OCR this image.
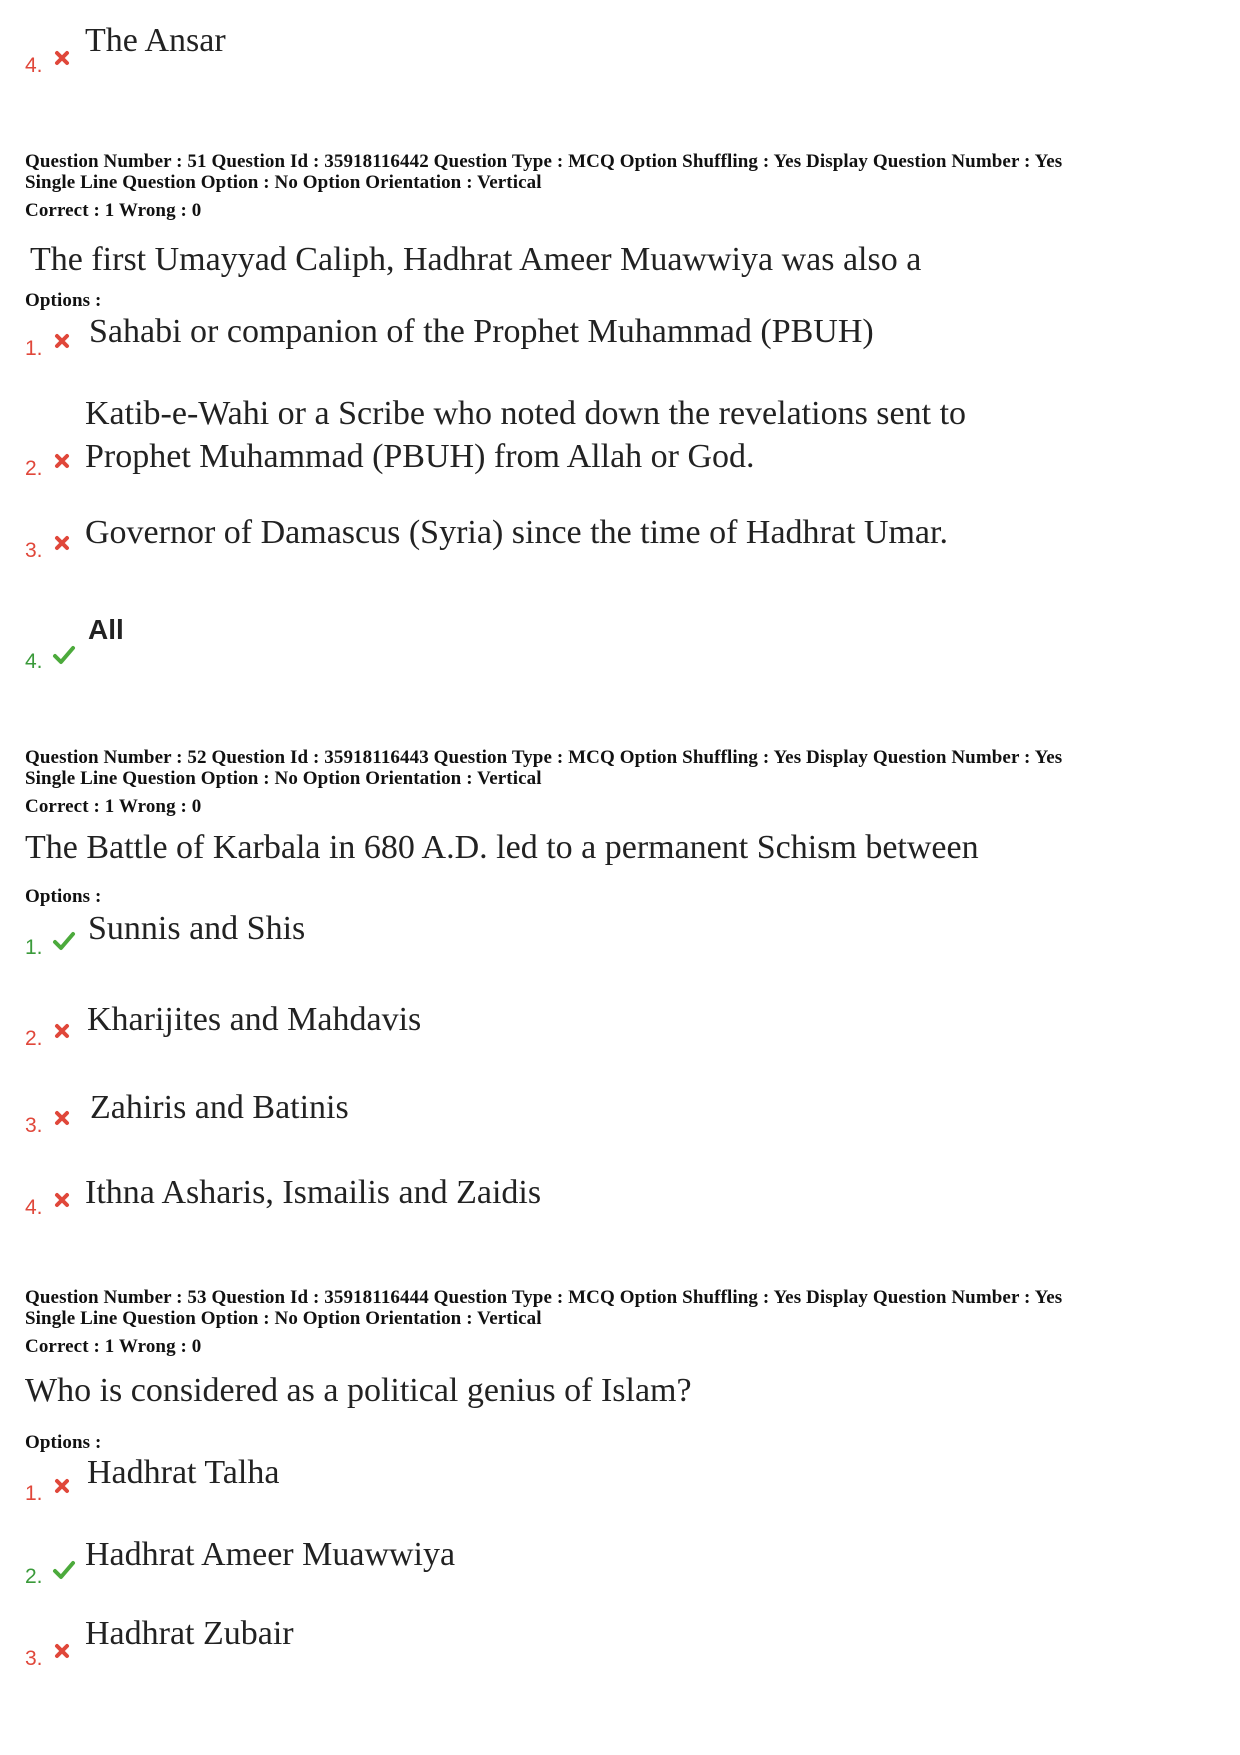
4.
The Ansar
Question Number : 51 Question Id : 35918116442 Question Type : MCQ Option Shuffling : Yes Display Question Number : Yes
Single Line Question Option : No Option Orientation : Vertical
Correct : 1 Wrong : 0
The first Umayyad Caliph, Hadhrat Ameer Muawwiya was also a
Options :
1. Sahabi or companion of the Prophet Muhammad (PBUH)
Katib-e-Wahi or a Scribe who noted down the revelations sent to
2. Prophet Muhammad (PBUH) from Allah or God.
3. Governor of Damascus (Syria) since the time of Hadhrat Umar.
4.
All
Question Number : 52 Question Id : 35918116443 Question Type : MCQ Option Shuffling : Yes Display Question Number : Yes
Single Line Question Option : No Option Orientation : Vertical
Correct : 1 Wrong : 0
The Battle of Karbala in 680 A.D. led to a permanent Schism between
Options :
1.
Sunnis and Shis
2.
Kharijites and Mahdavis
3. Zahiris and Batinis
4. Ithna Asharis, Ismailis and Zaidis
Question Number : 53 Question Id : 35918116444 Question Type : MCQ Option Shuffling : Yes Display Question Number : Yes
Single Line Question Option : No Option Orientation : Vertical
Correct : 1 Wrong : 0
Who is considered as a political genius of Islam?
Options :
1.
Hadhrat Talha
2.
Hadhrat Ameer Muawwiya
3.
Hadhrat Zubair
